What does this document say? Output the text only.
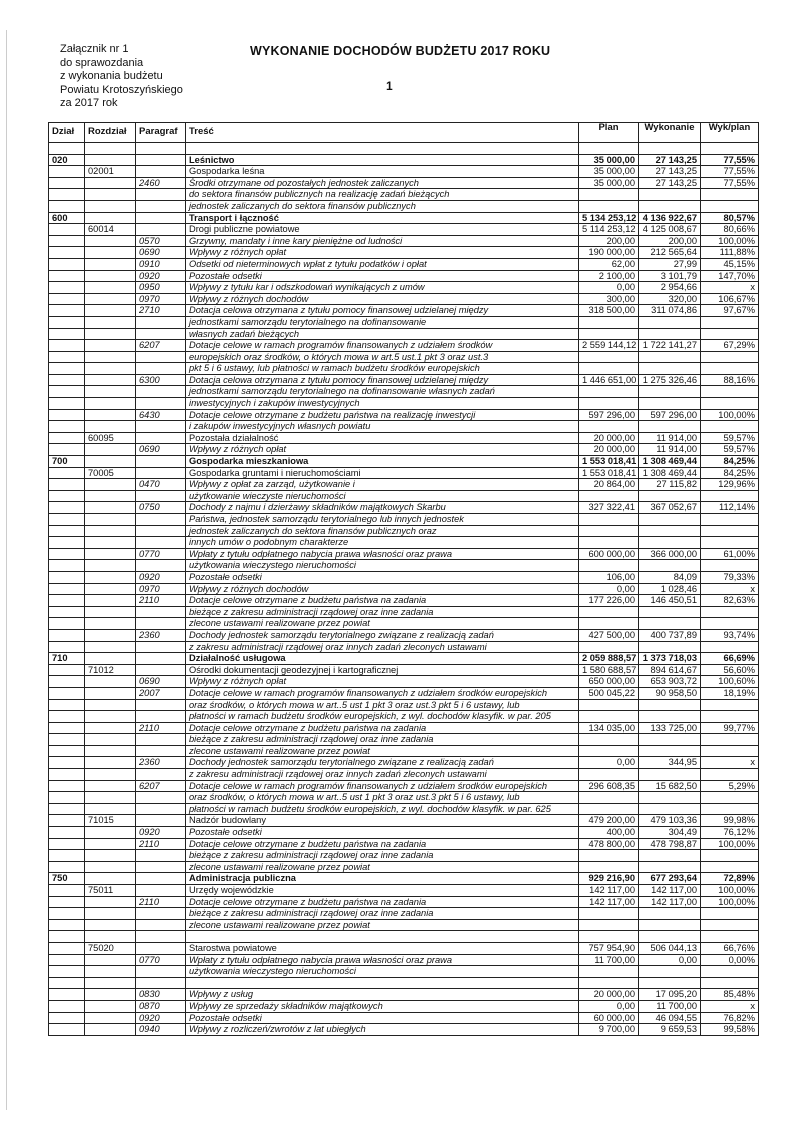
Załącznik nr 1
do sprawozdania
z wykonania budżetu
Powiatu Krotoszyńskiego
za 2017 rok
WYKONANIE DOCHODÓW BUDŻETU 2017 ROKU
1
Dział	Rozdział	Paragraf	Treść	Plan	Wykonanie	Wyk/plan

020			Leśnictwo	35 000,00	27 143,25	77,55%
	02001		Gospodarka leśna	35 000,00	27 143,25	77,55%
		2460	Środki otrzymane od pozostałych jednostek zaliczanych	35 000,00	27 143,25	77,55%
			do sektora finansów publicznych na realizację zadań bieżących			
			jednostek zaliczanych do sektora finansów publicznych			
600			Transport i łączność	5 134 253,12	4 136 922,67	80,57%
	60014		Drogi publiczne powiatowe	5 114 253,12	4 125 008,67	80,66%
		0570	Grzywny, mandaty i inne kary pieniężne od ludności	200,00	200,00	100,00%
		0690	Wpływy z różnych opłat	190 000,00	212 565,64	111,88%
		0910	Odsetki od nieterminowych wpłat z tytułu podatków i opłat	62,00	27,99	45,15%
		0920	Pozostałe odsetki	2 100,00	3 101,79	147,70%
		0950	Wpływy z tytułu kar i odszkodowań wynikających z umów	0,00	2 954,66	x
		0970	Wpływy z różnych dochodów	300,00	320,00	106,67%
		2710	Dotacja celowa otrzymana z tytułu pomocy finansowej udzielanej między	318 500,00	311 074,86	97,67%
			jednostkami samorządu terytorialnego na dofinansowanie			
			własnych zadań bieżących			
		6207	Dotacje celowe w ramach programów finansowanych z udziałem środków	2 559 144,12	1 722 141,27	67,29%
			europejskich oraz środków, o których mowa w art.5 ust.1 pkt 3 oraz ust.3			
			pkt 5 i 6 ustawy, lub płatności w ramach budżetu środków europejskich			
		6300	Dotacja celowa otrzymana z tytułu pomocy finansowej udzielanej między	1 446 651,00	1 275 326,46	88,16%
			jednostkami samorządu terytorialnego na dofinansowanie własnych zadań			
			inwestycyjnych i zakupów inwestycyjnych			
		6430	Dotacje celowe otrzymane z budżetu państwa na realizację inwestycji	597 296,00	597 296,00	100,00%
			i zakupów inwestycyjnych własnych powiatu			
	60095		Pozostała działalność	20 000,00	11 914,00	59,57%
		0690	Wpływy z różnych opłat	20 000,00	11 914,00	59,57%
700			Gospodarka mieszkaniowa	1 553 018,41	1 308 469,44	84,25%
	70005		Gospodarka gruntami i nieruchomościami	1 553 018,41	1 308 469,44	84,25%
		0470	Wpływy z opłat za zarząd, użytkowanie i	20 864,00	27 115,82	129,96%
			użytkowanie wieczyste nieruchomości			
		0750	Dochody z najmu i dzierżawy składników majątkowych Skarbu	327 322,41	367 052,67	112,14%
			Państwa, jednostek samorządu terytorialnego lub innych jednostek			
			jednostek zaliczanych do sektora finansów publicznych oraz			
			innych umów o podobnym charakterze			
		0770	Wpłaty z tytułu odpłatnego nabycia prawa własności oraz prawa	600 000,00	366 000,00	61,00%
			użytkowania wieczystego nieruchomości			
		0920	Pozostałe odsetki	106,00	84,09	79,33%
		0970	Wpływy z różnych dochodów	0,00	1 028,46	x
		2110	Dotacje celowe otrzymane z budżetu państwa na zadania	177 226,00	146 450,51	82,63%
			bieżące z zakresu administracji rządowej oraz inne zadania			
			zlecone ustawami realizowane przez powiat			
		2360	Dochody jednostek samorządu terytorialnego związane z realizacją zadań	427 500,00	400 737,89	93,74%
			z zakresu administracji rządowej oraz innych zadań zleconych ustawami			
710			Działalność usługowa	2 059 888,57	1 373 718,03	66,69%
	71012		Ośrodki dokumentacji geodezyjnej i kartograficznej	1 580 688,57	894 614,67	56,60%
		0690	Wpływy z różnych opłat	650 000,00	653 903,72	100,60%
		2007	Dotacje celowe w ramach programów finansowanych z udziałem środków europejskich	500 045,22	90 958,50	18,19%
			oraz środków, o których mowa w art..5 ust 1 pkt 3 oraz ust.3 pkt 5 i 6 ustawy, lub			
			płatności w ramach budżetu środków europejskich, z wyl. dochodów klasyfik. w par. 205			
		2110	Dotacje celowe otrzymane z budżetu państwa na zadania	134 035,00	133 725,00	99,77%
			bieżące z zakresu administracji rządowej oraz inne zadania			
			zlecone ustawami realizowane przez powiat			
		2360	Dochody jednostek samorządu terytorialnego związane z realizacją zadań	0,00	344,95	x
			z zakresu administracji rządowej oraz innych zadań zleconych ustawami			
		6207	Dotacje celowe w ramach programów finansowanych z udziałem środków europejskich	296 608,35	15 682,50	5,29%
			oraz środków, o których mowa w art..5 ust 1 pkt 3 oraz ust.3 pkt 5 i 6 ustawy, lub			
			płatności w ramach budżetu środków europejskich, z wyl. dochodów klasyfik. w par. 625			
	71015		Nadzór budowlany	479 200,00	479 103,36	99,98%
		0920	Pozostałe odsetki	400,00	304,49	76,12%
		2110	Dotacje celowe otrzymane z budżetu państwa na zadania	478 800,00	478 798,87	100,00%
			bieżące z zakresu administracji rządowej oraz inne zadania			
			zlecone ustawami realizowane przez powiat			
750			Administracja publiczna	929 216,90	677 293,64	72,89%
	75011		Urzędy wojewódzkie	142 117,00	142 117,00	100,00%
		2110	Dotacje celowe otrzymane z budżetu państwa na zadania	142 117,00	142 117,00	100,00%
			bieżące z zakresu administracji rządowej oraz inne zadania			
			zlecone ustawami realizowane przez powiat			

	75020		Starostwa powiatowe	757 954,90	506 044,13	66,76%
		0770	Wpłaty z tytułu odpłatnego nabycia prawa własności oraz prawa	11 700,00	0,00	0,00%
			użytkowania wieczystego nieruchomości			

		0830	Wpływy z usług	20 000,00	17 095,20	85,48%
		0870	Wpływy ze sprzedaży składników majątkowych	0,00	11 700,00	x
		0920	Pozostałe odsetki	60 000,00	46 094,55	76,82%
		0940	Wpływy z rozliczeń/zwrotów z lat ubiegłych	9 700,00	9 659,53	99,58%
